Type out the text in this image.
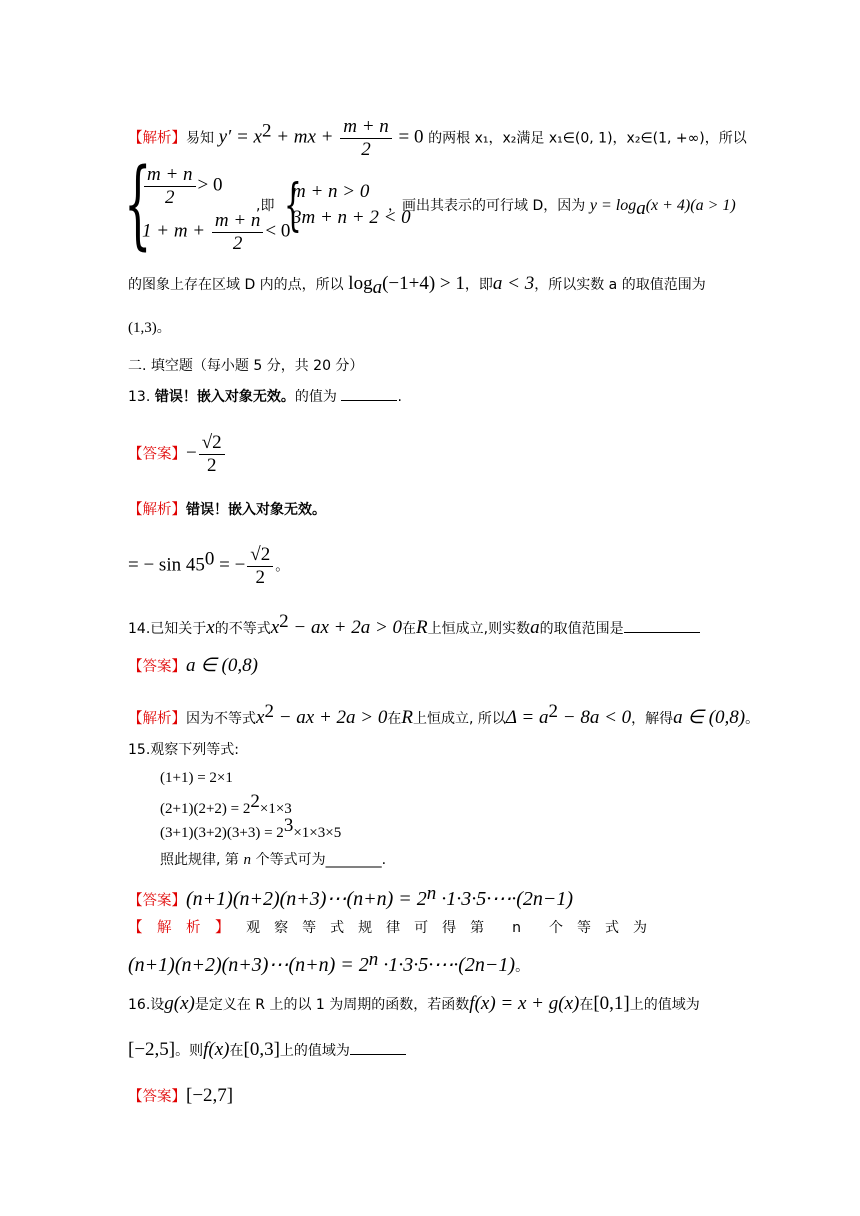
【解析】易知 $y' = x^2$ + mx + $\frac{m + n}{2} = 0$ 的两根 x₁，x₂满足 x₁∈(0, 1)，x₂∈(1, +∞)，所以
{
$\frac{m + n}{2} > 0$
$1 + m + \frac{m + n}{2} < 0$
,即 {
m + n > 0
3m + n + 2 < 0
，画出其表示的可行域 D，因为 $y = \log_a(x + 4)(a > 1)$
的图象上存在区域 D 内的点，所以 $\log_a(-1+4) > 1$，即a < 3，所以实数 a 的取值范围为
(1,3)。
二. 填空题（每小题 5 分，共 20 分）
13. 错误！嵌入对象无效。的值为	.
【答案】− $\frac{√2}{2}$
【解析】错误！嵌入对象无效。
= − $\sin 45^0$ = − $\frac{√2}{2}$ 。
14.已知关于x的不等式$x^2$ − ax + 2a > 0在R上恒成立,则实数a的取值范围是
【答案】a ∈ (0,8)
【解析】因为不等式$x^2$ − ax + 2a > 0在R上恒成立, 所以$\Delta = a^2 - 8a < 0$，解得a ∈ (0,8)。
15.观察下列等式:
(1+1) = 2×1
$(2+1)(2+2) = 2^2\times 1\times 3$
$(3+1)(3+2)(3+3) = 2^3\times 1\times 3\times 5$
照此规律, 第 n 个等式可为________.
【答案】(n+1)(n+2)(n+3)⋯(n+n) = $2^n$ ·1·3·5·⋯·(2n−1)
【　解　析　】 观　察　等　式　规　律　可　得　第　　n　　个　等　式　为
(n+1)(n+2)(n+3)⋯(n+n) = $2^n$ ·1·3·5·⋯·(2n−1)。
16.设g(x)是定义在 R 上的以 1 为周期的函数，若函数f(x) = x + g(x)在[0,1]上的值域为
[−2,5]。则f(x)在[0,3]上的值域为
【答案】[−2,7]
